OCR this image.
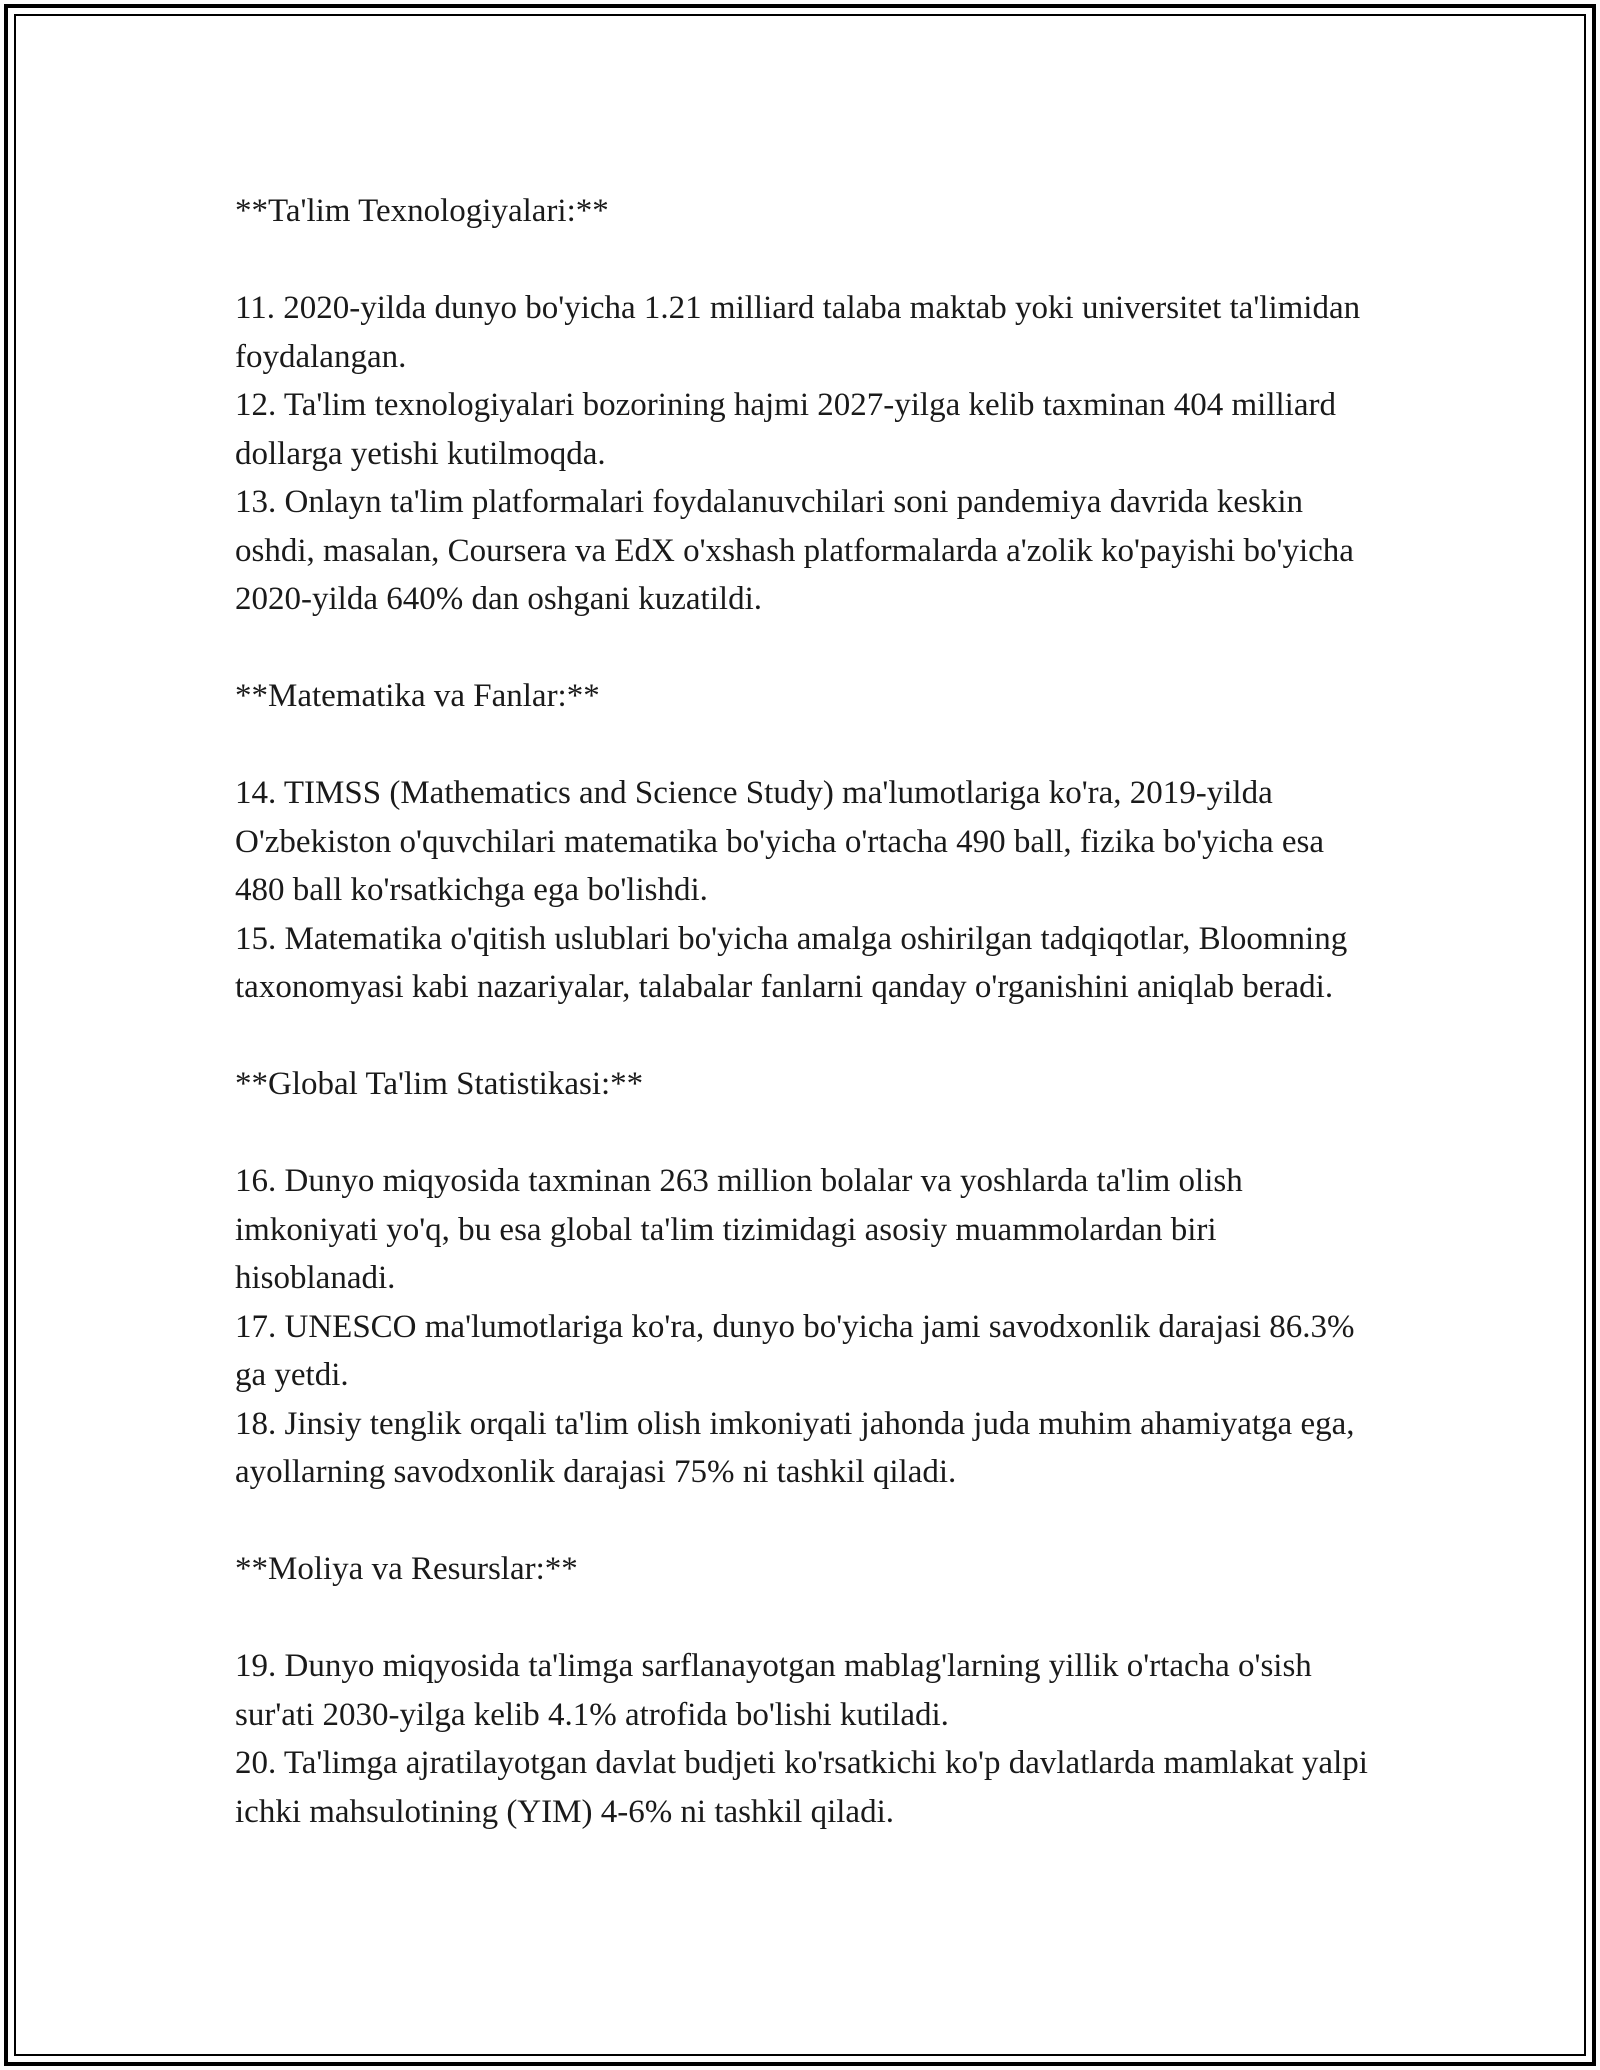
**Ta'lim Texnologiyalari:**

11. 2020-yilda dunyo bo'yicha 1.21 milliard talaba maktab yoki universitet ta'limidan foydalangan.

12. Ta'lim texnologiyalari bozorining hajmi 2027-yilga kelib taxminan 404 milliard dollarga yetishi kutilmoqda.

13. Onlayn ta'lim platformalari foydalanuvchilari soni pandemiya davrida keskin oshdi, masalan, Coursera va EdX o'xshash platformalarda a'zolik ko'payishi bo'yicha 2020-yilda 640% dan oshgani kuzatildi.

**Matematika va Fanlar:**

14. TIMSS (Mathematics and Science Study) ma'lumotlariga ko'ra, 2019-yilda O'zbekiston o'quvchilari matematika bo'yicha o'rtacha 490 ball, fizika bo'yicha esa 480 ball ko'rsatkichga ega bo'lishdi.

15. Matematika o'qitish uslublari bo'yicha amalga oshirilgan tadqiqotlar, Bloomning taxonomyasi kabi nazariyalar, talabalar fanlarni qanday o'rganishini aniqlab beradi.

**Global Ta'lim Statistikasi:**

16. Dunyo miqyosida taxminan 263 million bolalar va yoshlarda ta'lim olish imkoniyati yo'q, bu esa global ta'lim tizimidagi asosiy muammolardan biri hisoblanadi.

17. UNESCO ma'lumotlariga ko'ra, dunyo bo'yicha jami savodxonlik darajasi 86.3% ga yetdi.

18. Jinsiy tenglik orqali ta'lim olish imkoniyati jahonda juda muhim ahamiyatga ega, ayollarning savodxonlik darajasi 75% ni tashkil qiladi.

**Moliya va Resurslar:**

19. Dunyo miqyosida ta'limga sarflanayotgan mablag'larning yillik o'rtacha o'sish sur'ati 2030-yilga kelib 4.1% atrofida bo'lishi kutiladi.

20. Ta'limga ajratilayotgan davlat budjeti ko'rsatkichi ko'p davlatlarda mamlakat yalpi ichki mahsulotining (YIM) 4-6% ni tashkil qiladi.
